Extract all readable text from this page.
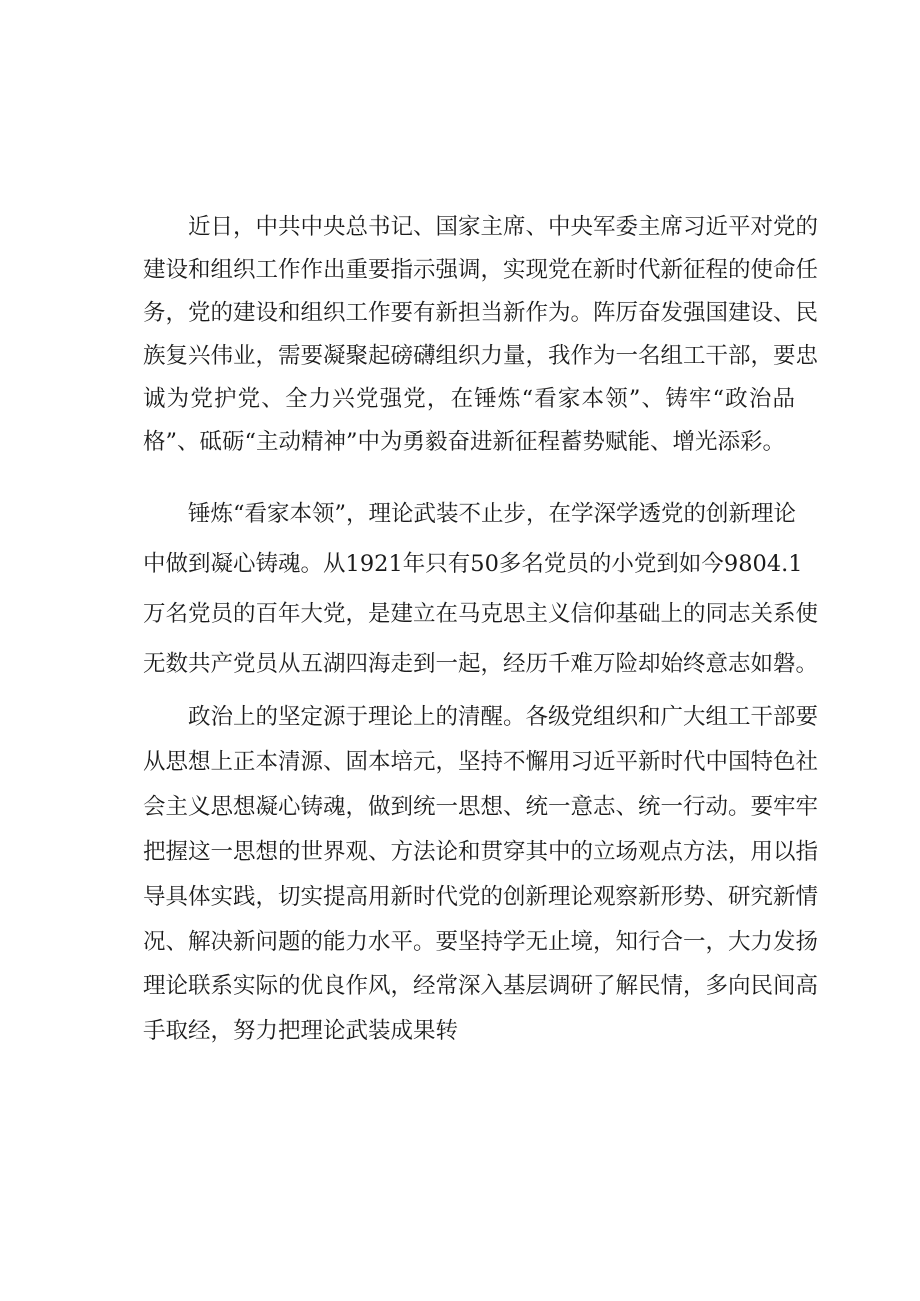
近日，中共中央总书记、国家主席、中央军委主席习近平对党的
建设和组织工作作出重要指示强调，实现党在新时代新征程的使命任
务，党的建设和组织工作要有新担当新作为。阵厉奋发强国建设、民
族复兴伟业，需要凝聚起磅礴组织力量，我作为一名组工干部，要忠
诚为党护党、全力兴党强党，在锤炼“看家本领”、铸牢“政治品
格”、砥砺“主动精神”中为勇毅奋进新征程蓄势赋能、增光添彩。
锤炼“看家本领”，理论武装不止步，在学深学透党的创新理论
中做到凝心铸魂。从1921年只有50多名党员的小党到如今9804.1
万名党员的百年大党，是建立在马克思主义信仰基础上的同志关系使
无数共产党员从五湖四海走到一起，经历千难万险却始终意志如磐。
政治上的坚定源于理论上的清醒。各级党组织和广大组工干部要
从思想上正本清源、固本培元，坚持不懈用习近平新时代中国特色社
会主义思想凝心铸魂，做到统一思想、统一意志、统一行动。要牢牢
把握这一思想的世界观、方法论和贯穿其中的立场观点方法，用以指
导具体实践，切实提高用新时代党的创新理论观察新形势、研究新情
况、解决新问题的能力水平。要坚持学无止境，知行合一，大力发扬
理论联系实际的优良作风，经常深入基层调研了解民情，多向民间高
手取经，努力把理论武装成果转
